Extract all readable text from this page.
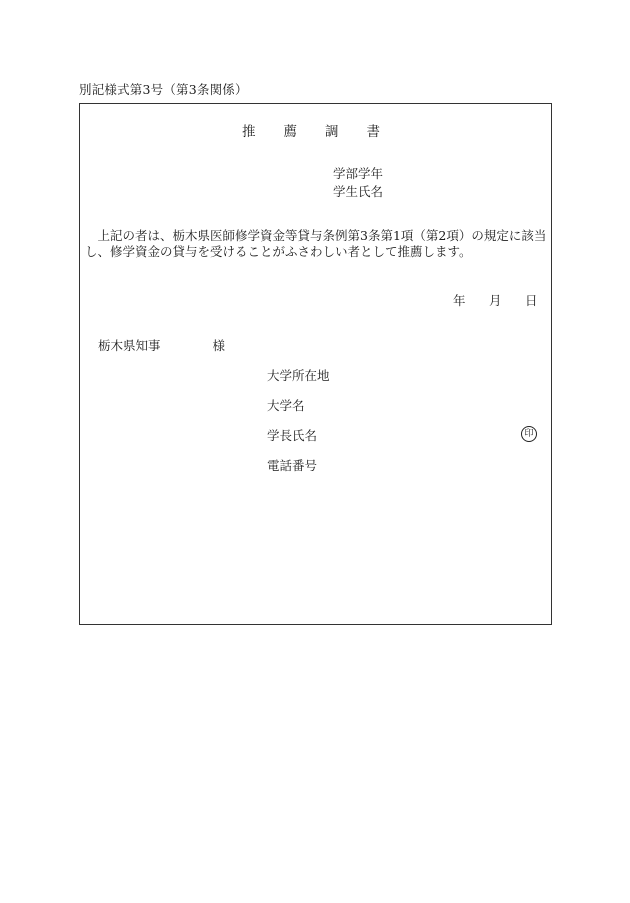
別記様式第3号（第3条関係）
推薦調書
学部学年
学生氏名
上記の者は、栃木県医師修学資金等貸与条例第3条第1項（第2項）の規定に該当し、修学資金の貸与を受けることがふさわしい者として推薦します。
年 月 日
栃木県知事	様
大学所在地
大学名
学長氏名	印
電話番号
